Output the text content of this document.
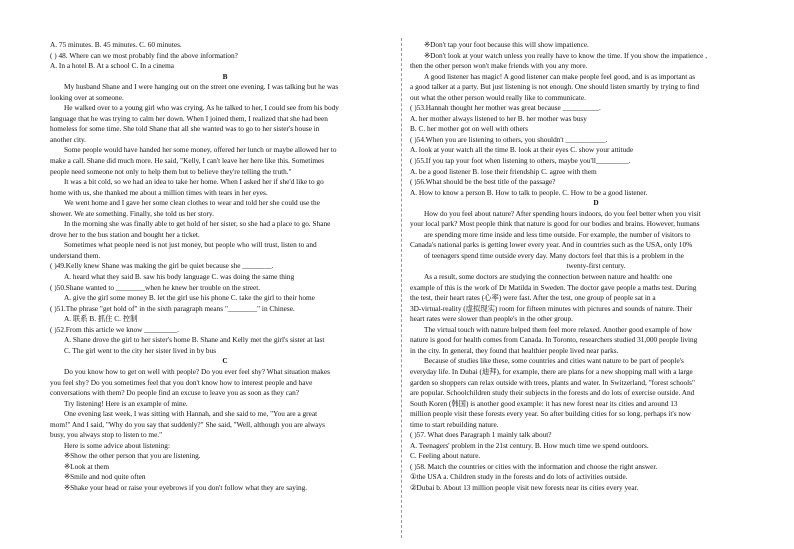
A. 75 minutes. B. 45 minutes. C. 60 minutes.
( ) 48. Where can we most probably find the above information?
A. In a hotel B. At a school C. In a cinema
B
My husband Shane and I were hanging out on the street one evening. I was talking but he was
looking over at someone.
He walked over to a young girl who was crying. As he talked to her, I could see from his body
language that he was trying to calm her down. When I joined them, I realized that she had been
homeless for some time. She told Shane that all she wanted was to go to her sister's house in
another city.
Some people would have handed her some money, offered her lunch or maybe allowed her to
make a call. Shane did much more. He said, "Kelly, I can't leave her here like this. Sometimes
people need someone not only to help them but to believe they're telling the truth."
It was a bit cold, so we had an idea to take her home. When I asked her if she'd like to go
home with us, she thanked me about a million times with tears in her eyes.
We went home and I gave her some clean clothes to wear and told her she could use the
shower. We ate something. Finally, she told us her story.
In the morning she was finally able to get hold of her sister, so she had a place to go. Shane
drove her to the bus station and bought her a ticket.
Sometimes what people need is not just money, but people who will trust, listen to and
understand them.
( )49.Kelly knew Shane was making the girl be quiet because she ________.
A. heard what they said B. saw his body language C. was doing the same thing
( )50.Shane wanted to ________when he knew her trouble on the street.
A. give the girl some money B. let the girl use his phone C. take the girl to their home
( )51.The phrase "get hold of" in the sixth paragraph means "________" in Chinese.
A. 联系 B. 抓住 C. 控制
( )52.From this article we know _________.
A. Shane drove the girl to her sister's home B. Shane and Kelly met the girl's sister at last
C. The girl went to the city her sister lived in by bus
C
Do you know how to get on well with people? Do you ever feel shy? What situation makes
you feel shy? Do you sometimes feel that you don't know how to interest people and have
conversations with them? Do people find an excuse to leave you as soon as they can?
Try listening! Here is an example of mine.
One evening last week, I was sitting with Hannah, and she said to me, "You are a great
mom!" And I said, "Why do you say that suddenly?" She said, "Well, although you are always
busy, you always stop to listen to me."
Here is some advice about listening:
※Show the other person that you are listening.
※Look at them
※Smile and nod quite often
※Shake your head or raise your eyebrows if you don't follow what they are saying.
※Don't tap your foot because this will show impatience.
※Don't look at your watch unless you really have to know the time. If you show the impatience ,
then the other person won't make friends with you any more.
A good listener has magic! A good listener can make people feel good, and is as important as
a good talker at a party. But just listening is not enough. One should listen smartly by trying to find
out what the other person would really like to communicate.
( )53.Hannah thought her mother was great because __________.
A. her mother always listened to her B. her mother was busy
B. C. her mother got on well with others
( )54.When you are listening to others, you shouldn't ___________.
A. look at your watch all the time B. look at their eyes C. show your attitude
( )55.If you tap your foot when listening to others, maybe you'll_________.
A. be a good listener B. lose their friendship C. agree with them
( )56.What should be the best title of the passage?
A. How to know a person B. How to talk to people. C. How to be a good listener.
D
How do you feel about nature? After spending hours indoors, do you feel better when you visit
your local park? Most people think that nature is good for our bodies and brains. However, humans
are spending more time inside and less time outside. For example, the number of visitors to
Canada's national parks is getting lower every year. And in countries such as the USA, only 10%
of teenagers spend time outside every day. Many doctors feel that this is a problem in the
twenty-first century.
As a result, some doctors are studying the connection between nature and health: one
example of this is the work of Dr Matilda in Sweden. The doctor gave people a maths test. During
the test, their heart rates (心率) were fast. After the test, one group of people sat in a
3D-virtual-reality (虚拟现实) room for fifteen minutes with pictures and sounds of nature. Their
heart rates were slower than people's in the other group.
The virtual touch with nature helped them feel more relaxed. Another good example of how
nature is good for health comes from Canada. In Toronto, researchers studied 31,000 people living
in the city. In general, they found that healthier people lived near parks.
Because of studies like these, some countries and cities want nature to be part of people's
everyday life. In Dubai (迪拜), for example, there are plans for a new shopping mall with a large
garden so shoppers can relax outside with trees, plants and water. In Switzerland, "forest schools"
are popular. Schoolchildren study their subjects in the forests and do lots of exercise outside. And
South Koren (韩国) is another good example: it has new forest near its cities and around 13
million people visit these forests every year. So after building cities for so long, perhaps it's now
time to start rebuilding nature.
( )57. What does Paragraph 1 mainly talk about?
A. Teenagers' problem in the 21st century. B. How much time we spend outdoors.
C. Feeling about nature.
( )58. Match the countries or cities with the information and choose the right answer.
①the USA a. Children study in the forests and do lots of activities outside.
②Dubai b. About 13 million people visit new forests near its cities every year.
